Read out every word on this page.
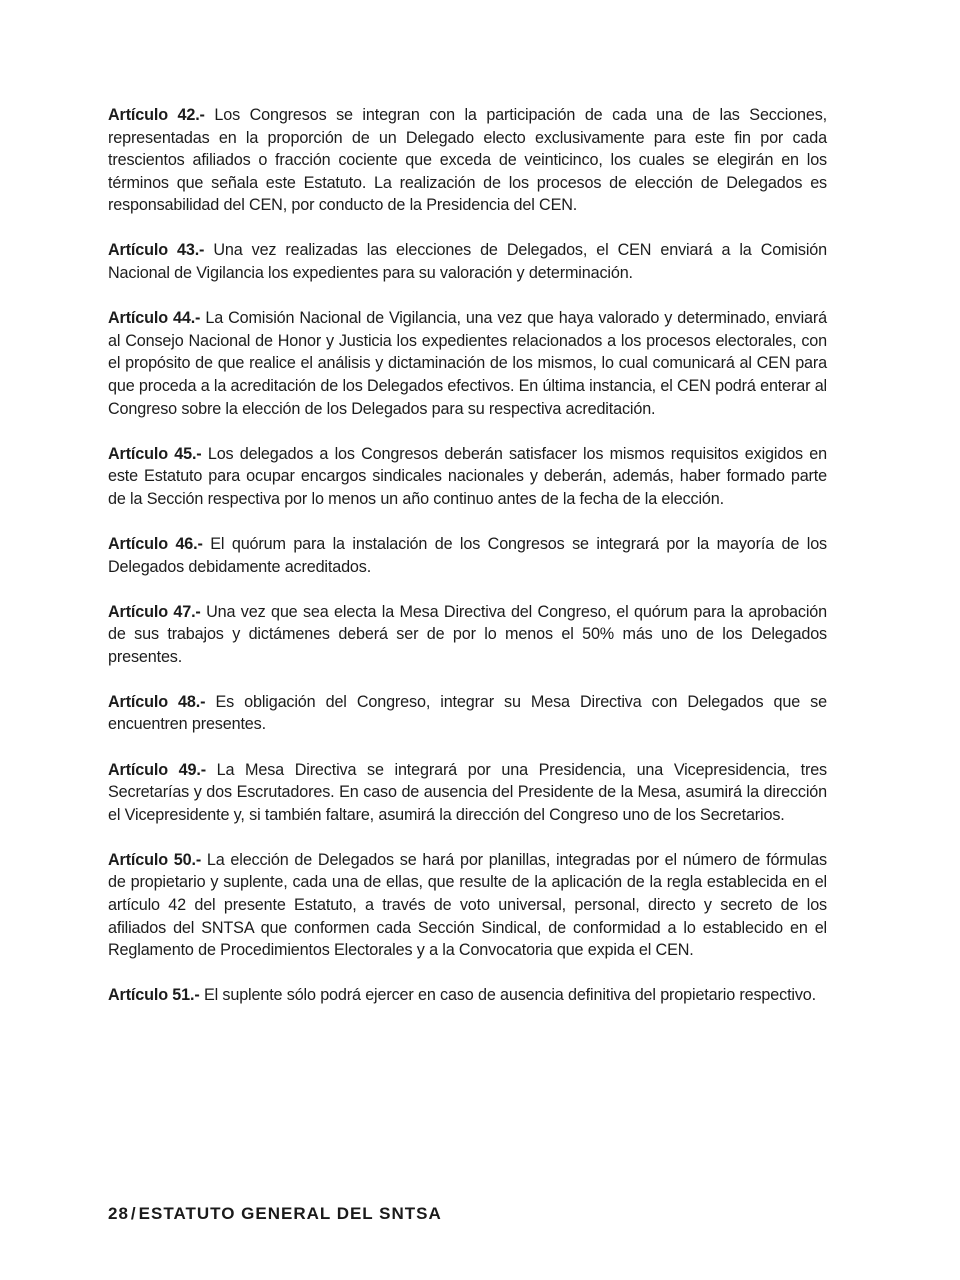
Artículo 42.- Los Congresos se integran con la participación de cada una de las Secciones, representadas en la proporción de un Delegado electo exclusivamente para este fin por cada trescientos afiliados o fracción cociente que exceda de veinticinco, los cuales se elegirán en los términos que señala este Estatuto. La realización de los procesos de elección de Delegados es responsabilidad del CEN, por conducto de la Presidencia del CEN.

Artículo 43.- Una vez realizadas las elecciones de Delegados, el CEN enviará a la Comisión Nacional de Vigilancia los expedientes para su valoración y determinación.

Artículo 44.- La Comisión Nacional de Vigilancia, una vez que haya valorado y determinado, enviará al Consejo Nacional de Honor y Justicia los expedientes relacionados a los procesos electorales, con el propósito de que realice el análisis y dictaminación de los mismos, lo cual comunicará al CEN para que proceda a la acreditación de los Delegados efectivos. En última instancia, el CEN podrá enterar al Congreso sobre la elección de los Delegados para su respectiva acreditación.

Artículo 45.- Los delegados a los Congresos deberán satisfacer los mismos requisitos exigidos en este Estatuto para ocupar encargos sindicales nacionales y deberán, además, haber formado parte de la Sección respectiva por lo menos un año continuo antes de la fecha de la elección.

Artículo 46.- El quórum para la instalación de los Congresos se integrará por la mayoría de los Delegados debidamente acreditados.

Artículo 47.- Una vez que sea electa la Mesa Directiva del Congreso, el quórum para la aprobación de sus trabajos y dictámenes deberá ser de por lo menos el 50% más uno de los Delegados presentes.

Artículo 48.- Es obligación del Congreso, integrar su Mesa Directiva con Delegados que se encuentren presentes.

Artículo 49.- La Mesa Directiva se integrará por una Presidencia, una Vicepresidencia, tres Secretarías y dos Escrutadores. En caso de ausencia del Presidente de la Mesa, asumirá la dirección el Vicepresidente y, si también faltare, asumirá la dirección del Congreso uno de los Secretarios.

Artículo 50.- La elección de Delegados se hará por planillas, integradas por el número de fórmulas de propietario y suplente, cada una de ellas, que resulte de la aplicación de la regla establecida en el artículo 42 del presente Estatuto, a través de voto universal, personal, directo y secreto de los afiliados del SNTSA que conformen cada Sección Sindical, de conformidad a lo establecido en el Reglamento de Procedimientos Electorales y a la Convocatoria que expida el CEN.

Artículo 51.- El suplente sólo podrá ejercer en caso de ausencia definitiva del propietario respectivo.

28 / ESTATUTO GENERAL DEL SNTSA
